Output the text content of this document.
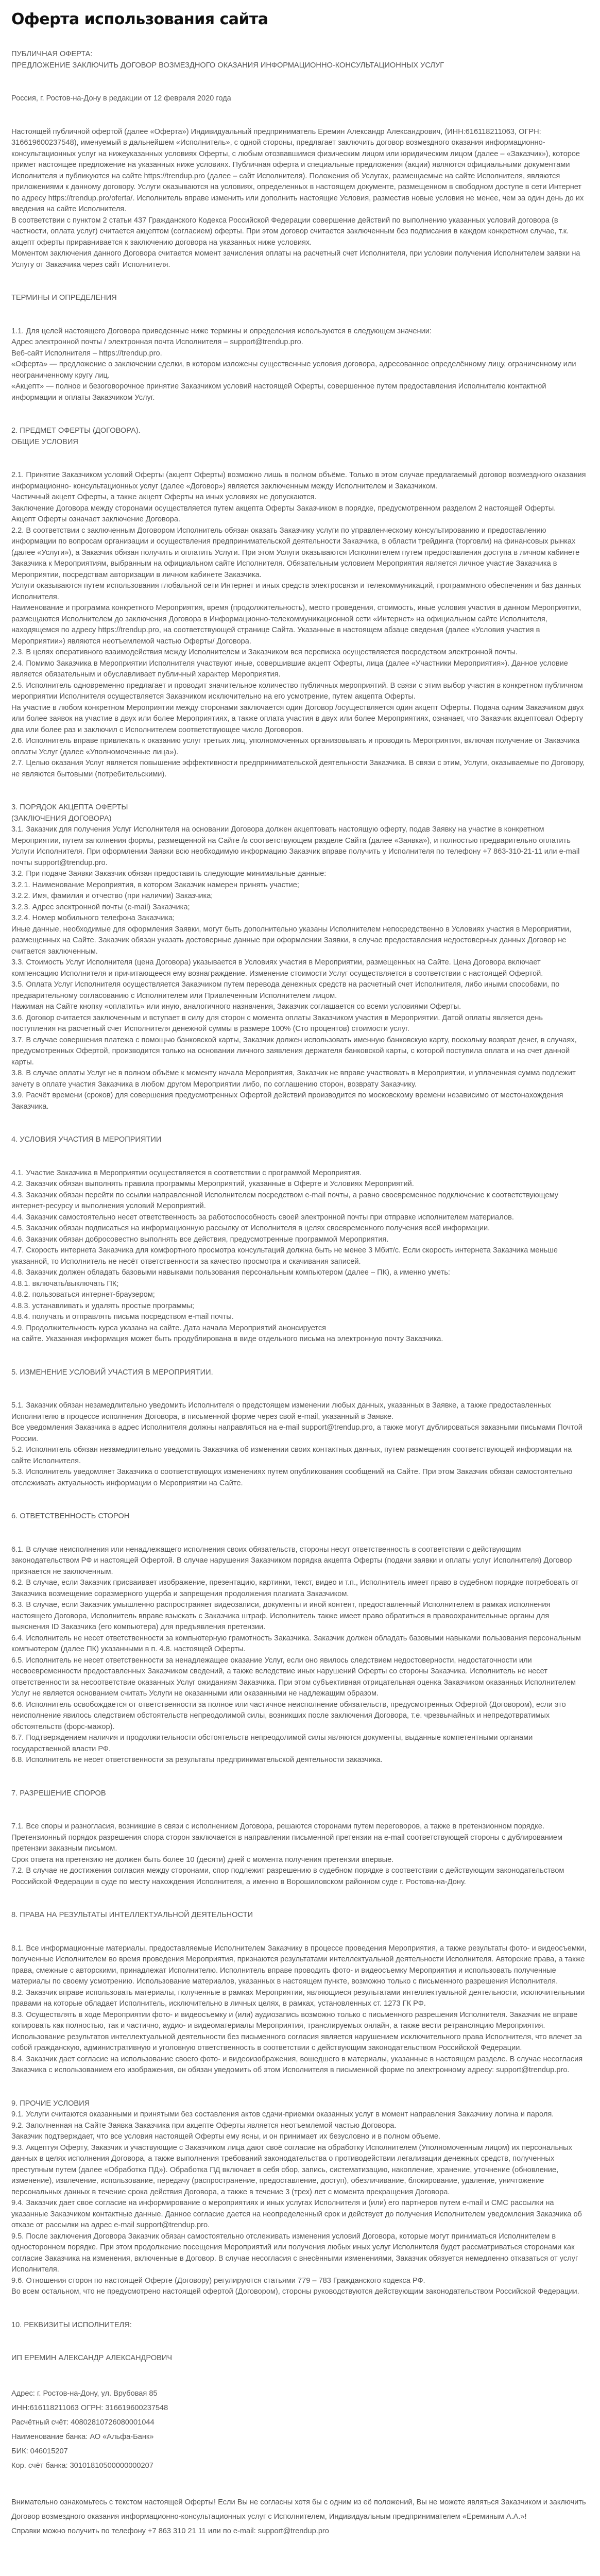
Оферта использования сайта

ПУБЛИЧНАЯ ОФЕРТА:

ПРЕДЛОЖЕНИЕ ЗАКЛЮЧИТЬ ДОГОВОР ВОЗМЕЗДНОГО ОКАЗАНИЯ ИНФОРМАЦИОННО-КОНСУЛЬТАЦИОННЫХ УСЛУГ

Россия, г. Ростов-на-Дону в редакции от 12 февраля 2020 года

Настоящей публичной офертой (далее «Оферта») Индивидуальный предприниматель Еремин Александр Александрович, (ИНН:616118211063, ОГРН: 316619600237548), именуемый в дальнейшем «Исполнитель», с одной стороны, предлагает заключить договор возмездного оказания информационно-консультационных услуг на нижеуказанных условиях Оферты, с любым отозвавшимся физическим лицом или юридическим лицом (далее – «Заказчик»), которое примет настоящее предложение на указанных ниже условиях. Публичная оферта и специальные предложения (акции) являются официальными документами Исполнителя и публикуются на сайте https://trendup.pro (далее – сайт Исполнителя). Положения об Услугах, размещаемые на сайте Исполнителя, являются приложениями к данному договору. Услуги оказываются на условиях, определенных в настоящем документе, размещенном в свободном доступе в сети Интернет по адресу https://trendup.pro/oferta/. Исполнитель вправе изменить или дополнить настоящие Условия, разместив новые условия не менее, чем за один день до их введения на сайте Исполнителя.

В соответствии с пунктом 2 статьи 437 Гражданского Кодекса Российской Федерации совершение действий по выполнению указанных условий договора (в частности, оплата услуг) считается акцептом (согласием) оферты. При этом договор считается заключенным без подписания в каждом конкретном случае, т.к. акцепт оферты приравнивается к заключению договора на указанных ниже условиях.

Моментом заключения данного Договора считается момент зачисления оплаты на расчетный счет Исполнителя, при условии получения Исполнителем заявки на Услугу от Заказчика через сайт Исполнителя.

ТЕРМИНЫ И ОПРЕДЕЛЕНИЯ

1.1. Для целей настоящего Договора приведенные ниже термины и определения используются в следующем значении:

Адрес электронной почты / электронная почта Исполнителя – support@trendup.pro.

Веб-сайт Исполнителя – https://trendup.pro.

«Оферта» — предложение о заключении сделки, в котором изложены существенные условия договора, адресованное определённому лицу, ограниченному или неограниченному кругу лиц.

«Акцепт» — полное и безоговорочное принятие Заказчиком условий настоящей Оферты, совершенное путем предоставления Исполнителю контактной информации и оплаты Заказчиком Услуг.

2. ПРЕДМЕТ ОФЕРТЫ (ДОГОВОРА).

ОБЩИЕ УСЛОВИЯ

2.1. Принятие Заказчиком условий Оферты (акцепт Оферты) возможно лишь в полном объёме. Только в этом случае предлагаемый договор возмездного оказания информационно- консультационных услуг (далее «Договор») является заключенным между Исполнителем и Заказчиком.

Частичный акцепт Оферты, а также акцепт Оферты на иных условиях не допускаются.

Заключение Договора между сторонами осуществляется путем акцепта Оферты Заказчиком в порядке, предусмотренном разделом 2 настоящей Оферты.

Акцепт Оферты означает заключение Договора.

2.2. В соответствии с заключенным Договором Исполнитель обязан оказать Заказчику услуги по управленческому консультированию и предоставлению информации по вопросам организации и осуществления предпринимательской деятельности Заказчика, в области трейдинга (торговли) на финансовых рынках (далее «Услуги»), а Заказчик обязан получить и оплатить Услуги. При этом Услуги оказываются Исполнителем путем предоставления доступа в личном кабинете Заказчика к Мероприятиям, выбранным на официальном сайте Исполнителя. Обязательным условием Мероприятия является личное участие Заказчика в Мероприятии, посредствам авторизации в личном кабинете Заказчика.

Услуги оказываются путем использования глобальной сети Интернет и иных средств электросвязи и телекоммуникаций, программного обеспечения и баз данных Исполнителя.

Наименование и программа конкретного Мероприятия, время (продолжительность), место проведения, стоимость, иные условия участия в данном Мероприятии, размещаются Исполнителем до заключения Договора в Информационно-телекоммуникационной сети «Интернет» на официальном сайте Исполнителя, находящемся по адресу https://trendup.pro, на соответствующей странице Сайта. Указанные в настоящем абзаце сведения (далее «Условия участия в Мероприятии») являются неотъемлемой частью Оферты/ Договора.

2.3. В целях оперативного взаимодействия между Исполнителем и Заказчиком вся переписка осуществляется посредством электронной почты.

2.4. Помимо Заказчика в Мероприятии Исполнителя участвуют иные, совершившие акцепт Оферты, лица (далее «Участники Мероприятия»). Данное условие является обязательным и обуславливает публичный характер Мероприятия.

2.5. Исполнитель одновременно предлагает и проводит значительное количество публичных мероприятий. В связи с этим выбор участия в конкретном публичном мероприятии Исполнителя осуществляется Заказчиком исключительно на его усмотрение, путем акцепта Оферты.

На участие в любом конкретном Мероприятии между сторонами заключается один Договор /осуществляется один акцепт Оферты. Подача одним Заказчиком двух или более заявок на участие в двух или более Мероприятиях, а также оплата участия в двух или более Мероприятиях, означает, что Заказчик акцептовал Оферту два или более раз и заключил с Исполнителем соответствующее число Договоров.

2.6. Исполнитель вправе привлекать к оказанию услуг третьих лиц, уполномоченных организовывать и проводить Мероприятия, включая получение от Заказчика оплаты Услуг (далее «Уполномоченные лица»).

2.7. Целью оказания Услуг является повышение эффективности предпринимательской деятельности Заказчика. В связи с этим, Услуги, оказываемые по Договору, не являются бытовыми (потребительскими).

3. ПОРЯДОК АКЦЕПТА ОФЕРТЫ

(ЗАКЛЮЧЕНИЯ ДОГОВОРА)

3.1. Заказчик для получения Услуг Исполнителя на основании Договора должен акцептовать настоящую оферту, подав Заявку на участие в конкретном Мероприятии, путем заполнения формы, размещенной на Сайте /в соответствующем разделе Сайта (далее «Заявка»), и полностью предварительно оплатить Услуги Исполнителя. При оформлении Заявки всю необходимую информацию Заказчик вправе получить у Исполнителя по телефону +7 863-310-21-11 или e-mail почты support@trendup.pro.

3.2. При подаче Заявки Заказчик обязан предоставить следующие минимальные данные:

3.2.1. Наименование Мероприятия, в котором Заказчик намерен принять участие;

3.2.2. Имя, фамилия и отчество (при наличии) Заказчика;

3.2.3. Адрес электронной почты (e-mail) Заказчика;

3.2.4. Номер мобильного телефона Заказчика;

Иные данные, необходимые для оформления Заявки, могут быть дополнительно указаны Исполнителем непосредственно в Условиях участия в Мероприятии, размещенных на Сайте. Заказчик обязан указать достоверные данные при оформлении Заявки, в случае предоставления недостоверных данных Договор не считается заключенным.

3.3. Стоимость Услуг Исполнителя (цена Договора) указывается в Условиях участия в Мероприятии, размещенных на Сайте. Цена Договора включает компенсацию Исполнителя и причитающееся ему вознаграждение. Изменение стоимости Услуг осуществляется в соответствии с настоящей Офертой.

3.5. Оплата Услуг Исполнителя осуществляется Заказчиком путем перевода денежных средств на расчетный счет Исполнителя, либо иными способами, по предварительному согласованию с Исполнителем или Привлеченным Исполнителем лицом.

Нажимая на Сайте кнопку «оплатить» или иную, аналогичного назначения, Заказчик соглашается со всеми условиями Оферты.

3.6. Договор считается заключенным и вступает в силу для сторон с момента оплаты Заказчиком участия в Мероприятии. Датой оплаты является день поступления на расчетный счет Исполнителя денежной суммы в размере 100% (Сто процентов) стоимости услуг.

3.7. В случае совершения платежа с помощью банковской карты, Заказчик должен использовать именную банковскую карту, поскольку возврат денег, в случаях, предусмотренных Офертой, производится только на основании личного заявления держателя банковской карты, с которой поступила оплата и на счет данной карты.

3.8. В случае оплаты Услуг не в полном объёме к моменту начала Мероприятия, Заказчик не вправе участвовать в Мероприятии, и уплаченная сумма подлежит зачету в оплате участия Заказчика в любом другом Мероприятии либо, по соглашению сторон, возврату Заказчику.

3.9. Расчёт времени (сроков) для совершения предусмотренных Офертой действий производится по московскому времени независимо от местонахождения Заказчика.

4. УСЛОВИЯ УЧАСТИЯ В МЕРОПРИЯТИИ

4.1. Участие Заказчика в Мероприятии осуществляется в соответствии с программой Мероприятия.

4.2. Заказчик обязан выполнять правила программы Мероприятий, указанные в Оферте и Условиях Мероприятий.

4.3. Заказчик обязан перейти по ссылки направленной Исполнителем посредством e-mail почты, а равно своевременное подключение к соответствующему интернет-ресурсу и выполнения условий Мероприятий.

4.4. Заказчик самостоятельно несет ответственность за работоспособность своей электронной почты при отправке исполнителем материалов.

4.5. Заказчик обязан подписаться на информационную рассылку от Исполнителя в целях своевременного получения всей информации.

4.6. Заказчик обязан добросовестно выполнять все действия, предусмотренные программой Мероприятия.

4.7. Скорость интернета Заказчика для комфортного просмотра консультаций должна быть не менее 3 Мбит/с. Если скорость интернета Заказчика меньше указанной, то Исполнитель не несёт ответственности за качество просмотра и скачивания записей.

4.8. Заказчик должен обладать базовыми навыками пользования персональным компьютером (далее – ПК), а именно уметь:

4.8.1. включать/выключать ПК;

4.8.2. пользоваться интернет-браузером;

4.8.3. устанавливать и удалять простые программы;

4.8.4. получать и отправлять письма посредством e-mail почты.

4.9. Продолжительность курса указана на сайте. Дата начала Мероприятий анонсируется

на сайте. Указанная информация может быть продублирована в виде отдельного письма на электронную почту Заказчика.

5. ИЗМЕНЕНИЕ УСЛОВИЙ УЧАСТИЯ В МЕРОПРИЯТИИ.

5.1. Заказчик обязан незамедлительно уведомить Исполнителя о предстоящем изменении любых данных, указанных в Заявке, а также предоставленных Исполнителю в процессе исполнения Договора, в письменной форме через свой e-mail, указанный в Заявке.

Все уведомления Заказчика в адрес Исполнителя должны направляться на e-mail support@trendup.pro, а также могут дублироваться заказными письмами Почтой России.

5.2. Исполнитель обязан незамедлительно уведомить Заказчика об изменении своих контактных данных, путем размещения соответствующей информации на сайте Исполнителя.

5.3. Исполнитель уведомляет Заказчика о соответствующих изменениях путем опубликования сообщений на Сайте. При этом Заказчик обязан самостоятельно отслеживать актуальность информации о Мероприятии на Сайте.

6. ОТВЕТСТВЕННОСТЬ СТОРОН

6.1. В случае неисполнения или ненадлежащего исполнения своих обязательств, стороны несут ответственность в соответствии с действующим законодательством РФ и настоящей Офертой. В случае нарушения Заказчиком порядка акцепта Оферты (подачи заявки и оплаты услуг Исполнителя) Договор признается не заключенным.

6.2. В случае, если Заказчик присваивает изображение, презентацию, картинки, текст, видео и т.п., Исполнитель имеет право в судебном порядке потребовать от Заказчика возмещение соразмерного ущерба и запрещения продолжения плагиата Заказчиком.

6.3. В случае, если Заказчик умышленно распространяет видеозаписи, документы и иной контент, предоставленный Исполнителем в рамках исполнения настоящего Договора, Исполнитель вправе взыскать с Заказчика штраф. Исполнитель также имеет право обратиться в правоохранительные органы для выяснения ID Заказчика (его компьютера) для предъявления претензии.

6.4. Исполнитель не несет ответственности за компьютерную грамотность Заказчика. Заказчик должен обладать базовыми навыками пользования персональным компьютером (далее ПК) указанными в п. 4.8. настоящей Оферты.

6.5. Исполнитель не несет ответственности за ненадлежащее оказание Услуг, если оно явилось следствием недостоверности, недостаточности или несвоевременности предоставленных Заказчиком сведений, а также вследствие иных нарушений Оферты со стороны Заказчика. Исполнитель не несет ответственности за несоответствие оказанных Услуг ожиданиям Заказчика. При этом субъективная отрицательная оценка Заказчиком оказанных Исполнителем Услуг не является основанием считать Услуги не оказанными или оказанными не надлежащим образом.

6.6. Исполнитель освобождается от ответственности за полное или частичное неисполнение обязательств, предусмотренных Офертой (Договором), если это неисполнение явилось следствием обстоятельств непреодолимой силы, возникших после заключения Договора, т.е. чрезвычайных и непредотвратимых обстоятельств (форс-мажор).

6.7. Подтверждением наличия и продолжительности обстоятельств непреодолимой силы являются документы, выданные компетентными органами государственной власти РФ.

6.8. Исполнитель не несет ответственности за результаты предпринимательской деятельности заказчика.

7. РАЗРЕШЕНИЕ СПОРОВ

7.1. Все споры и разногласия, возникшие в связи с исполнением Договора, решаются сторонами путем переговоров, а также в претензионном порядке.

Претензионный порядок разрешения спора сторон заключается в направлении письменной претензии на e-mail соответствующей стороны с дублированием претензии заказным письмом.

Срок ответа на претензию не должен быть более 10 (десяти) дней с момента получения претензии впервые.

7.2. В случае не достижения согласия между сторонами, спор подлежит разрешению в судебном порядке в соответствии с действующим законодательством Российской Федерации в суде по месту нахождения Исполнителя, а именно в Ворошиловском районном суде г. Ростова-на-Дону.

8. ПРАВА НА РЕЗУЛЬТАТЫ ИНТЕЛЛЕКТУАЛЬНОЙ ДЕЯТЕЛЬНОСТИ

8.1. Все информационные материалы, предоставляемые Исполнителем Заказчику в процессе проведения Мероприятия, а также результаты фото- и видеосъемки, полученные Исполнителем во время проведения Мероприятия, признаются результатами интеллектуальной деятельности Исполнителя. Авторские права, а также права, смежные с авторскими, принадлежат Исполнителю. Исполнитель вправе проводить фото- и видеосъемку Мероприятия и использовать полученные материалы по своему усмотрению. Использование материалов, указанных в настоящем пункте, возможно только с письменного разрешения Исполнителя.

8.2. Заказчик вправе использовать материалы, полученные в рамках Мероприятии, являющиеся результатами интеллектуальной деятельности, исключительными правами на которые обладает Исполнитель, исключительно в личных целях, в рамках, установленных ст. 1273 ГК РФ.

8.3. Осуществлять в ходе Мероприятии фото- и видеосъемку и (или) аудиозапись возможно только с письменного разрешения Исполнителя. Заказчик не вправе копировать как полностью, так и частично, аудио- и видеоматериалы Мероприятия, транслируемых онлайн, а также вести ретрансляцию Мероприятия.

Использование результатов интеллектуальной деятельности без письменного согласия является нарушением исключительного права Исполнителя, что влечет за собой гражданскую, административную и уголовную ответственность в соответствии с действующим законодательством Российской Федерации.

8.4. Заказчик дает согласие на использование своего фото- и видеоизображения, вошедшего в материалы, указанные в настоящем разделе. В случае несогласия Заказчика с использованием его изображения, он обязан уведомить об этом Исполнителя в письменной форме по электронному адресу: support@trendup.pro.

9. ПРОЧИЕ УСЛОВИЯ

9.1. Услуги считаются оказанными и принятыми без составления актов сдачи-приемки оказанных услуг в момент направления Заказчику логина и пароля.

9.2. Заполненная на Сайте Заявка Заказчика при акцепте Оферты является неотъемлемой частью Договора.

Заказчик подтверждает, что все условия настоящей Оферты ему ясны, и он принимает их безусловно и в полном объеме.

9.3. Акцептуя Оферту, Заказчик и участвующие с Заказчиком лица дают своё согласие на обработку Исполнителем (Уполномоченным лицом) их персональных данных в целях исполнения Договора, а также выполнения требований законодательства о противодействии легализации денежных средств, полученных преступным путем (далее «Обработка ПД»). Обработка ПД включает в себя сбор, запись, систематизацию, накопление, хранение, уточнение (обновление, изменение), извлечение, использование, передачу (распространение, предоставление, доступ), обезличивание, блокирование, удаление, уничтожение персональных данных в течение срока действия Договора, а также в течение 3 (трех) лет с момента прекращения Договора.

9.4. Заказчик дает свое согласие на информирование о мероприятиях и иных услугах Исполнителя и (или) его партнеров путем e-mail и СМС рассылки на указанные Заказчиком контактные данные. Данное согласие дается на неопределенный срок и действует до получения Исполнителем уведомления Заказчика об отказе от рассылки на адрес e-mail support@trendup.pro.

9.5. После заключения Договора Заказчик обязан самостоятельно отслеживать изменения условий Договора, которые могут приниматься Исполнителем в одностороннем порядке. При этом продолжение посещения Мероприятий или получения любых иных услуг Исполнителя будет рассматриваться сторонами как согласие Заказчика на изменения, включенные в Договор. В случае несогласия с внесёнными изменениями, Заказчик обязуется немедленно отказаться от услуг Исполнителя.

9.6. Отношения сторон по настоящей Оферте (Договору) регулируются статьями 779 – 783 Гражданского кодекса РФ.

Во всем остальном, что не предусмотрено настоящей офертой (Договором), стороны руководствуются действующим законодательством Российской Федерации.

10. РЕКВИЗИТЫ ИСПОЛНИТЕЛЯ:

ИП ЕРЕМИН АЛЕКСАНДР АЛЕКСАНДРОВИЧ

Адрес: г. Ростов-на-Дону, ул. Врубовая 85

ИНН:616118211063 ОГРН: 316619600237548

Расчётный счёт: 40802810726080001044

Наименование банка: АО «Альфа-Банк»

БИК: 046015207

Кор. счёт банка: 30101810500000000207

Внимательно ознакомьтесь с текстом настоящей Оферты! Если Вы не согласны хотя бы с одним из её положений, Вы не можете являться Заказчиком и заключить Договор возмездного оказания информационно-консультационных услуг с Исполнителем, Индивидуальным предпринимателем «Ереминым А.А.»!

Справки можно получить по телефону +7 863 310 21 11 или по e-mail: support@trendup.pro
